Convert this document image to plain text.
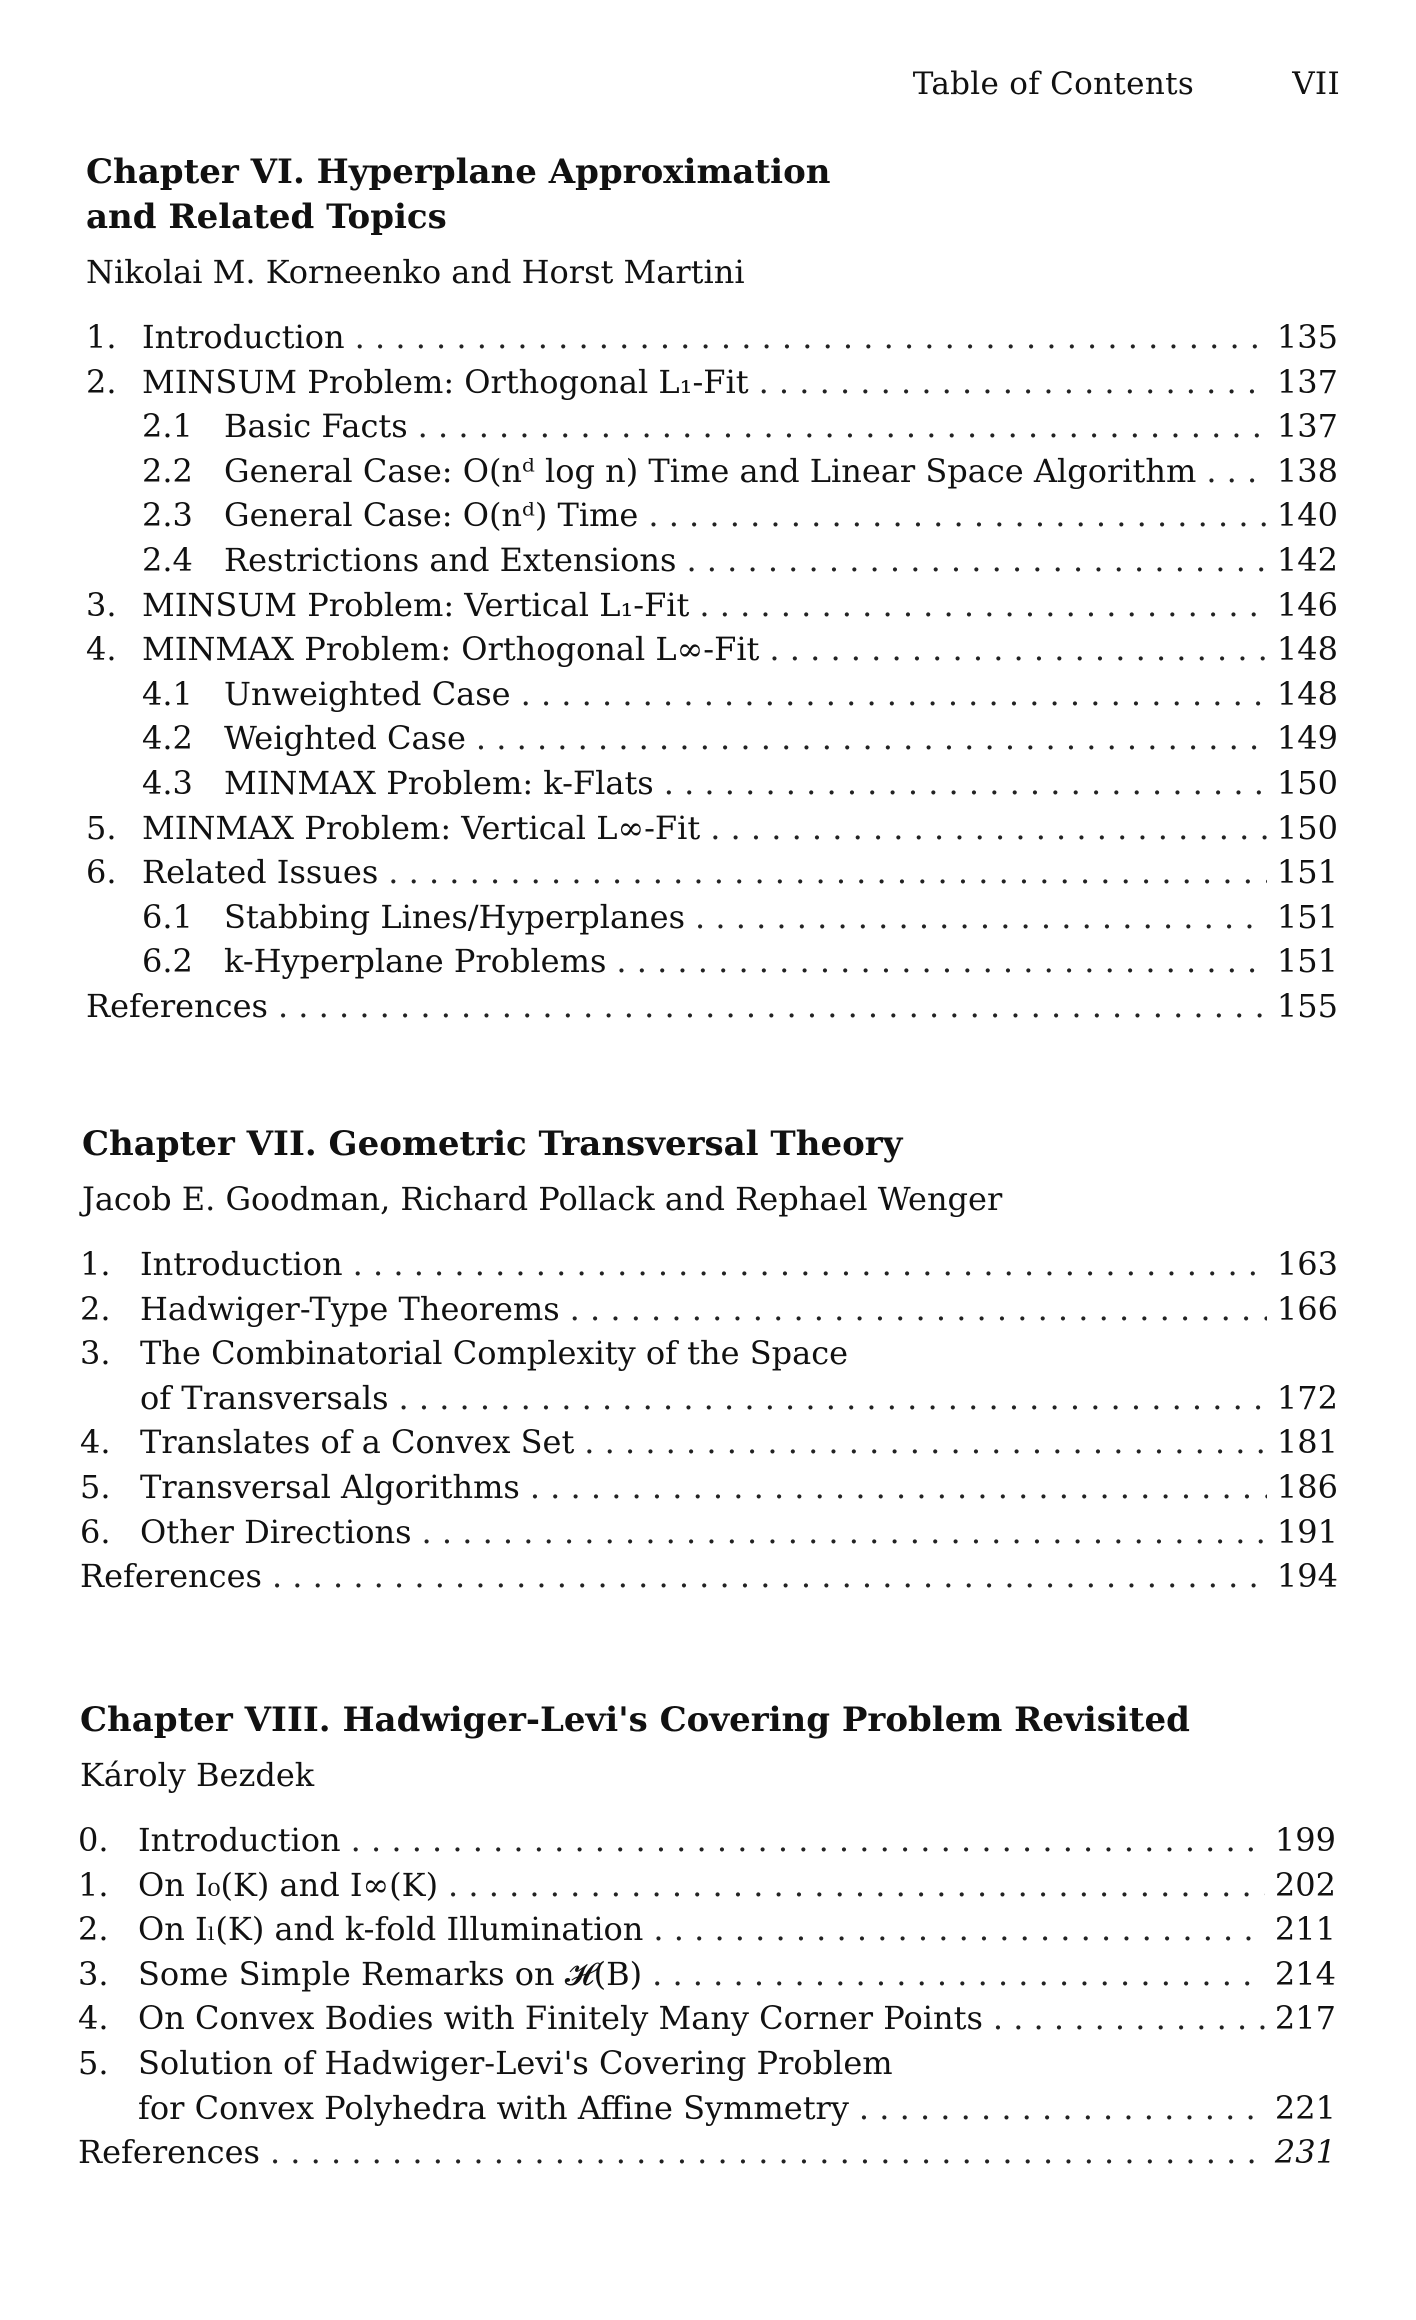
Table of Contents	VII
Chapter VI. Hyperplane Approximation
and Related Topics
Nikolai M. Korneenko and Horst Martini
1. Introduction . . .	135
2. MINSUM Problem: Orthogonal L₁-Fit . . .	137
2.1 Basic Facts . . .	137
2.2 General Case: O(nᵈ log n) Time and Linear Space Algorithm . . .	138
2.3 General Case: O(nᵈ) Time . . .	140
2.4 Restrictions and Extensions . . .	142
3. MINSUM Problem: Vertical L₁-Fit . . .	146
4. MINMAX Problem: Orthogonal L∞-Fit . . .	148
4.1 Unweighted Case . . .	148
4.2 Weighted Case . . .	149
4.3 MINMAX Problem: k-Flats . . .	150
5. MINMAX Problem: Vertical L∞-Fit . . .	150
6. Related Issues . . .	151
6.1 Stabbing Lines/Hyperplanes . . .	151
6.2 k-Hyperplane Problems . . .	151
References . . .	155
Chapter VII. Geometric Transversal Theory
Jacob E. Goodman, Richard Pollack and Rephael Wenger
1. Introduction . . .	163
2. Hadwiger-Type Theorems . . .	166
3. The Combinatorial Complexity of the Space
of Transversals . . .	172
4. Translates of a Convex Set . . .	181
5. Transversal Algorithms . . .	186
6. Other Directions . . .	191
References . . .	194
Chapter VIII. Hadwiger-Levi's Covering Problem Revisited
Károly Bezdek
0. Introduction . . .	199
1. On I₀(K) and I∞(K) . . .	202
2. On Iₗ(K) and k-fold Illumination . . .	211
3. Some Simple Remarks on 𝓗(B) . . .	214
4. On Convex Bodies with Finitely Many Corner Points . . .	217
5. Solution of Hadwiger-Levi's Covering Problem
for Convex Polyhedra with Affine Symmetry . . .	221
References . . .	231
